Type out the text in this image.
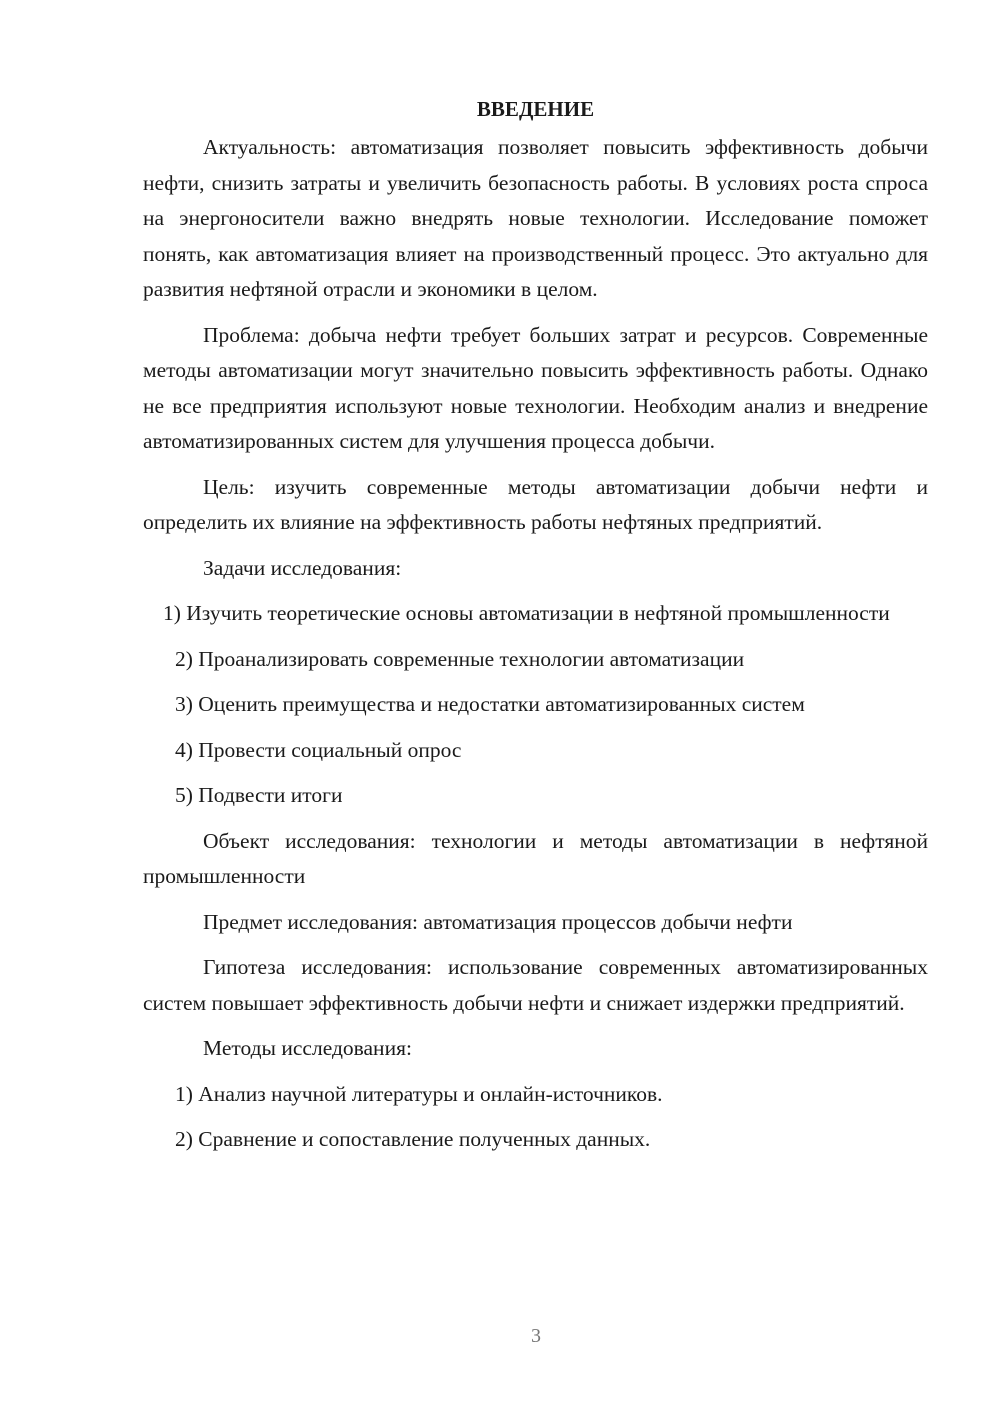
ВВЕДЕНИЕ

Актуальность: автоматизация позволяет повысить эффективность добычи нефти, снизить затраты и увеличить безопасность работы. В условиях роста спроса на энергоносители важно внедрять новые технологии. Исследование поможет понять, как автоматизация влияет на производственный процесс. Это актуально для развития нефтяной отрасли и экономики в целом.

Проблема: добыча нефти требует больших затрат и ресурсов. Современные методы автоматизации могут значительно повысить эффективность работы. Однако не все предприятия используют новые технологии. Необходим анализ и внедрение автоматизированных систем для улучшения процесса добычи.

Цель: изучить современные методы автоматизации добычи нефти и определить их влияние на эффективность работы нефтяных предприятий.

Задачи исследования:

1) Изучить теоретические основы автоматизации в нефтяной промышленности

2) Проанализировать современные технологии автоматизации

3) Оценить преимущества и недостатки автоматизированных систем

4) Провести социальный опрос

5) Подвести итоги

Объект исследования: технологии и методы автоматизации в нефтяной промышленности

Предмет исследования: автоматизация процессов добычи нефти

Гипотеза исследования: использование современных автоматизированных систем повышает эффективность добычи нефти и снижает издержки предприятий.

Методы исследования:

1) Анализ научной литературы и онлайн-источников.

2) Сравнение и сопоставление полученных данных.

3
